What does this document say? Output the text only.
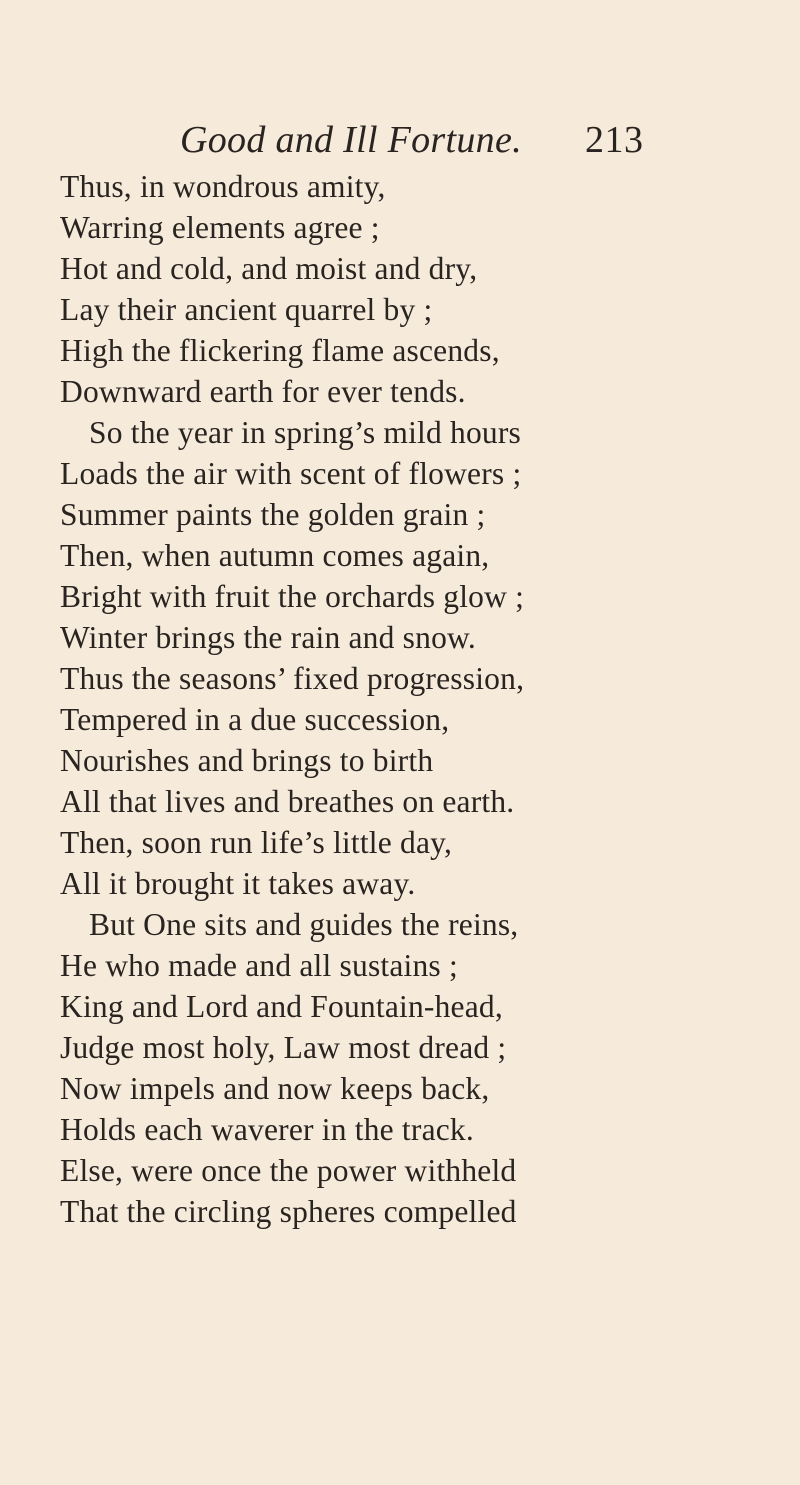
Good and Ill Fortune. 213
Thus, in wondrous amity,
Warring elements agree ;
Hot and cold, and moist and dry,
Lay their ancient quarrel by ;
High the flickering flame ascends,
Downward earth for ever tends.
So the year in spring’s mild hours
Loads the air with scent of flowers ;
Summer paints the golden grain ;
Then, when autumn comes again,
Bright with fruit the orchards glow ;
Winter brings the rain and snow.
Thus the seasons’ fixed progression,
Tempered in a due succession,
Nourishes and brings to birth
All that lives and breathes on earth.
Then, soon run life’s little day,
All it brought it takes away.
But One sits and guides the reins,
He who made and all sustains ;
King and Lord and Fountain-head,
Judge most holy, Law most dread ;
Now impels and now keeps back,
Holds each waverer in the track.
Else, were once the power withheld
That the circling spheres compelled
